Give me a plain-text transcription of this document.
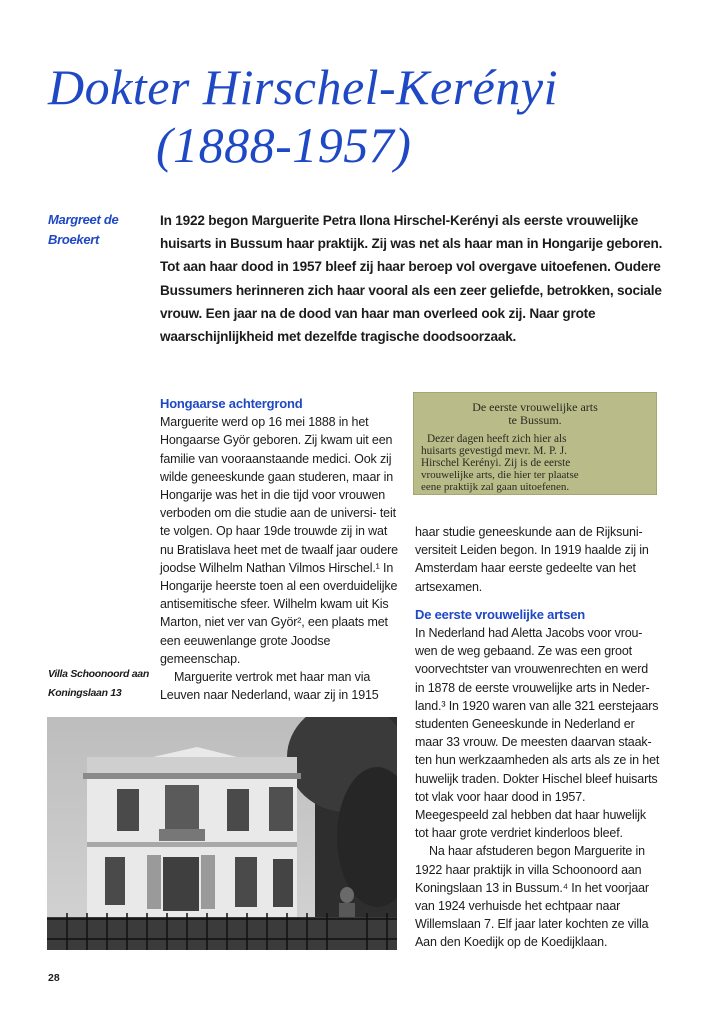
Dokter Hirschel-Kerényi
(1888-1957)
Margreet de Broekert

In 1922 begon Marguerite Petra Ilona Hirschel-Kerényi als eerste vrouwelijke huisarts in Bussum haar praktijk. Zij was net als haar man in Hongarije geboren. Tot aan haar dood in 1957 bleef zij haar beroep vol overgave uitoefenen. Oudere Bussumers herinneren zich haar vooral als een zeer geliefde, betrokken, sociale vrouw. Een jaar na de dood van haar man overleed ook zij. Naar grote waarschijnlijkheid met dezelfde tragische doodsoorzaak.

Hongaarse achtergrond

Marguerite werd op 16 mei 1888 in het Hongaarse Györ geboren. Zij kwam uit een familie van vooraanstaande medici. Ook zij wilde geneeskunde gaan studeren, maar in Hongarije was het in die tijd voor vrouwen verboden om die studie aan de universi- teit te volgen. Op haar 19de trouwde zij in wat nu Bratislava heet met de twaalf jaar oudere joodse Wilhelm Nathan Vilmos Hirschel.¹ In Hongarije heerste toen al een overduidelijke antisemitische sfeer. Wilhelm kwam uit Kis Marton, niet ver van Györ², een plaats met een eeuwenlange grote Joodse gemeenschap.

Marguerite vertrok met haar man via Leuven naar Nederland, waar zij in 1915

Villa Schoonoord aan Koningslaan 13
De eerste vrouwelijke arts
te Bussum.
Dezer dagen heeft zich hier als
huisarts gevestigd mevr. M. P. J.
Hirschel Kerényi. Zij is de eerste
vrouwelijke arts, die hier ter plaatse
eene praktijk zal gaan uitoefenen.

haar studie geneeskunde aan de Rijksuni- versiteit Leiden begon. In 1919 haalde zij in Amsterdam haar eerste gedeelte van het artsexamen.

De eerste vrouwelijke artsen

In Nederland had Aletta Jacobs voor vrou- wen de weg gebaand. Ze was een groot voorvechtster van vrouwenrechten en werd in 1878 de eerste vrouwelijke arts in Neder- land.³ In 1920 waren van alle 321 eerstejaars studenten Geneeskunde in Nederland er maar 33 vrouw. De meesten daarvan staak- ten hun werkzaamheden als arts als ze in het huwelijk traden. Dokter Hischel bleef huisarts tot vlak voor haar dood in 1957. Meegespeeld zal hebben dat haar huwelijk tot haar grote verdriet kinderloos bleef.

Na haar afstuderen begon Marguerite in 1922 haar praktijk in villa Schoonoord aan Koningslaan 13 in Bussum.⁴ In het voorjaar van 1924 verhuisde het echtpaar naar Willemslaan 7. Elf jaar later kochten ze villa Aan den Koedijk op de Koedijklaan.

28
